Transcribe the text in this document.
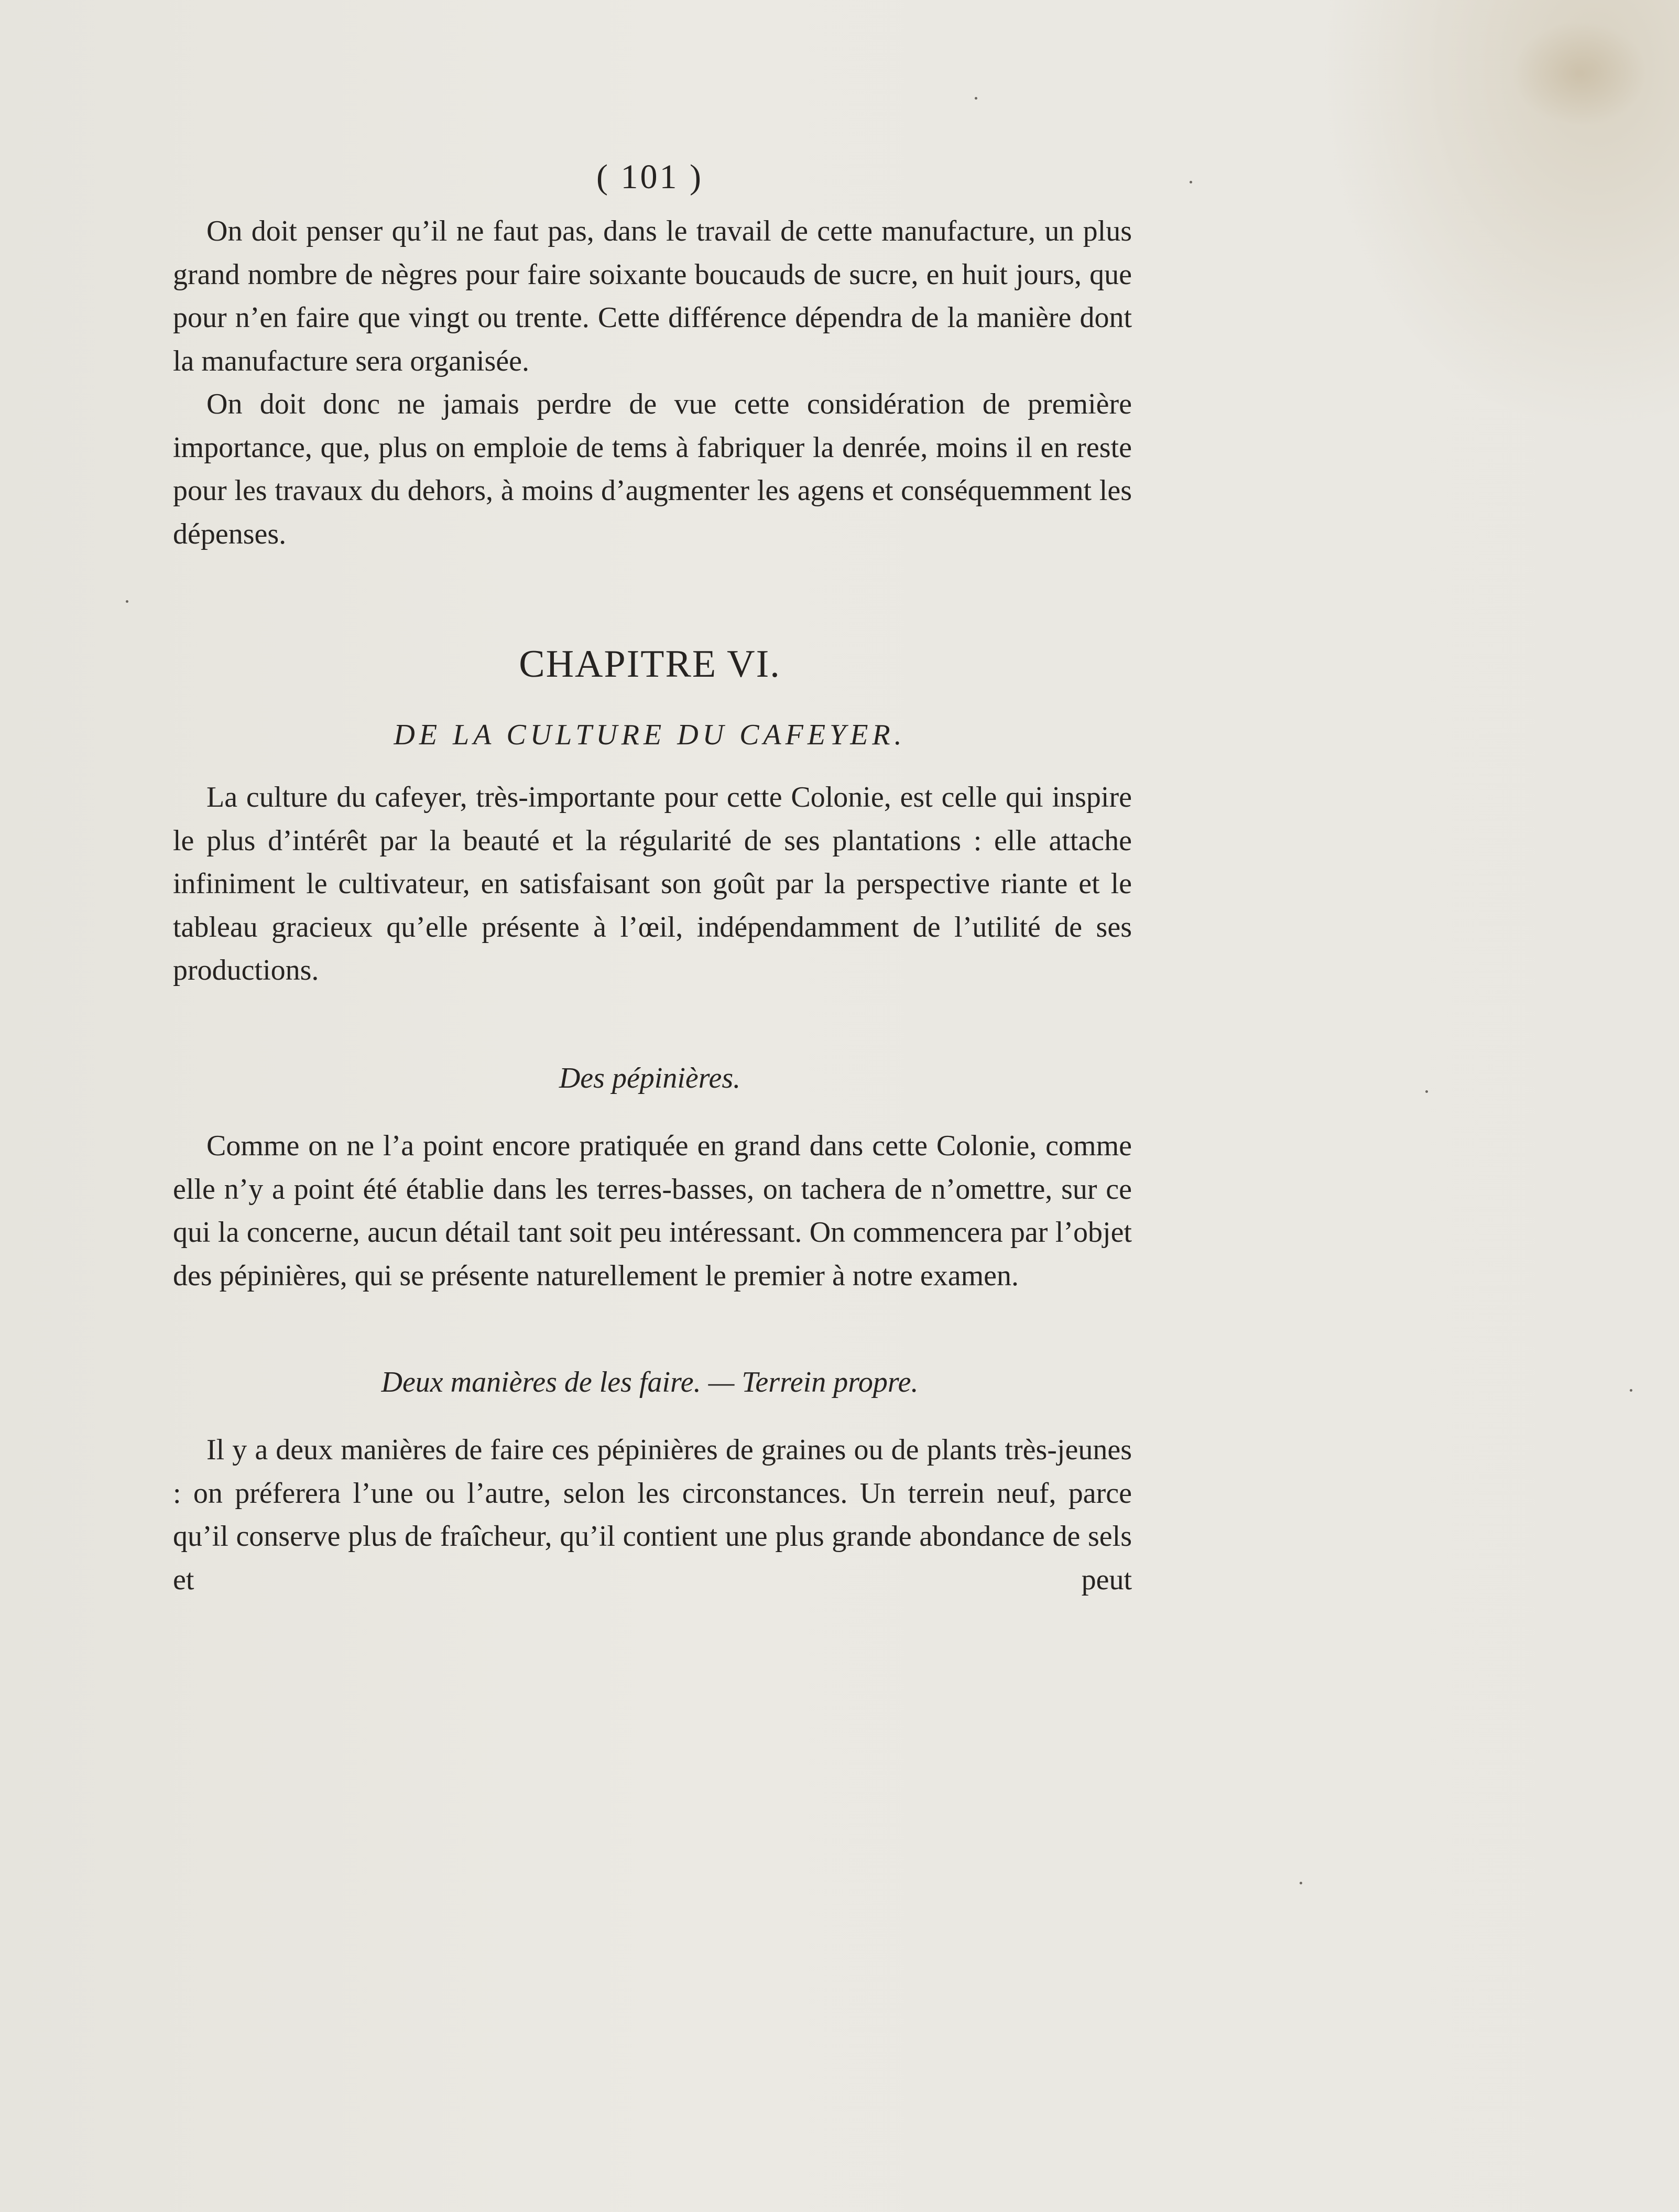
( 101 )

On doit penser qu’il ne faut pas, dans le travail de cette manufacture, un plus grand nombre de nègres pour faire soixante boucauds de sucre, en huit jours, que pour n’en faire que vingt ou trente. Cette différence dépendra de la manière dont la manufacture sera organisée.

On doit donc ne jamais perdre de vue cette considération de première importance, que, plus on emploie de tems à fabriquer la denrée, moins il en reste pour les travaux du dehors, à moins d’augmenter les agens et conséquemment les dépenses.

CHAPITRE VI.
DE LA CULTURE DU CAFEYER.

La culture du cafeyer, très-importante pour cette Colonie, est celle qui inspire le plus d’intérêt par la beauté et la régularité de ses plantations : elle attache infiniment le cultivateur, en satisfaisant son goût par la perspective riante et le tableau gracieux qu’elle présente à l’œil, indépendamment de l’utilité de ses productions.

Des pépinières.

Comme on ne l’a point encore pratiquée en grand dans cette Colonie, comme elle n’y a point été établie dans les terres-basses, on tachera de n’omettre, sur ce qui la concerne, aucun détail tant soit peu intéressant. On commencera par l’objet des pépinières, qui se présente naturellement le premier à notre examen.

Deux manières de les faire. — Terrein propre.

Il y a deux manières de faire ces pépinières de graines ou de plants très-jeunes : on préferera l’une ou l’autre, selon les circonstances. Un terrein neuf, parce qu’il conserve plus de fraîcheur, qu’il contient une plus grande abondance de sels et peut
